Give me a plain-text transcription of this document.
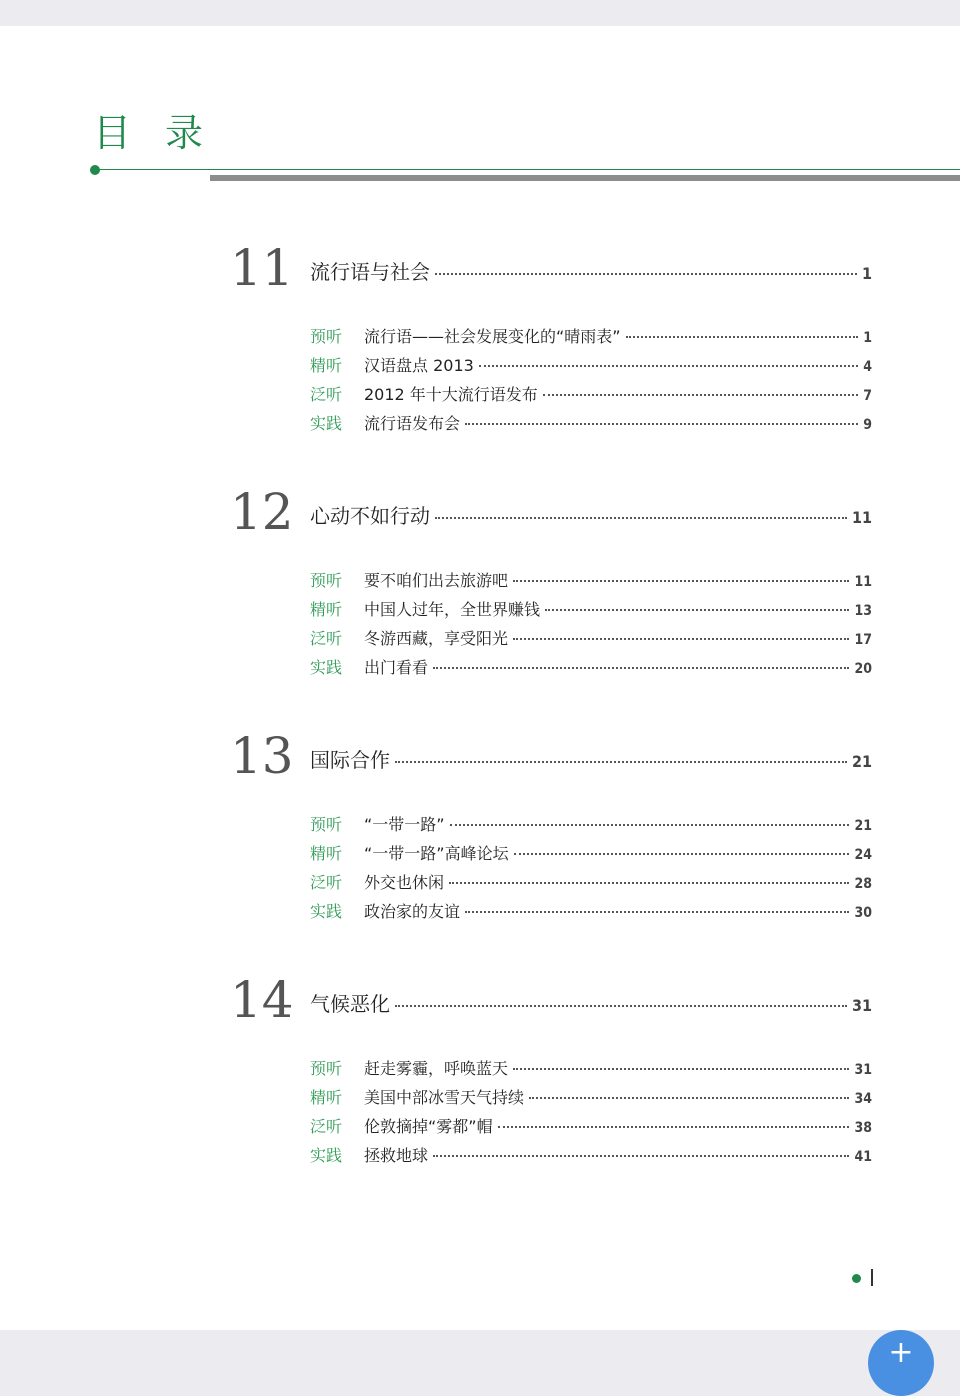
目录
11 流行语与社会	1
预听	流行语——社会发展变化的“晴雨表”	1
精听	汉语盘点 2013	4
泛听	2012 年十大流行语发布	7
实践	流行语发布会	9
12 心动不如行动	11
预听	要不咱们出去旅游吧	11
精听	中国人过年，全世界赚钱	13
泛听	冬游西藏，享受阳光	17
实践	出门看看	20
13 国际合作	21
预听	“一带一路”	21
精听	“一带一路”高峰论坛	24
泛听	外交也休闲	28
实践	政治家的友谊	30
14 气候恶化	31
预听	赶走雾霾，呼唤蓝天	31
精听	美国中部冰雪天气持续	34
泛听	伦敦摘掉“雾都”帽	38
实践	拯救地球	41
+
